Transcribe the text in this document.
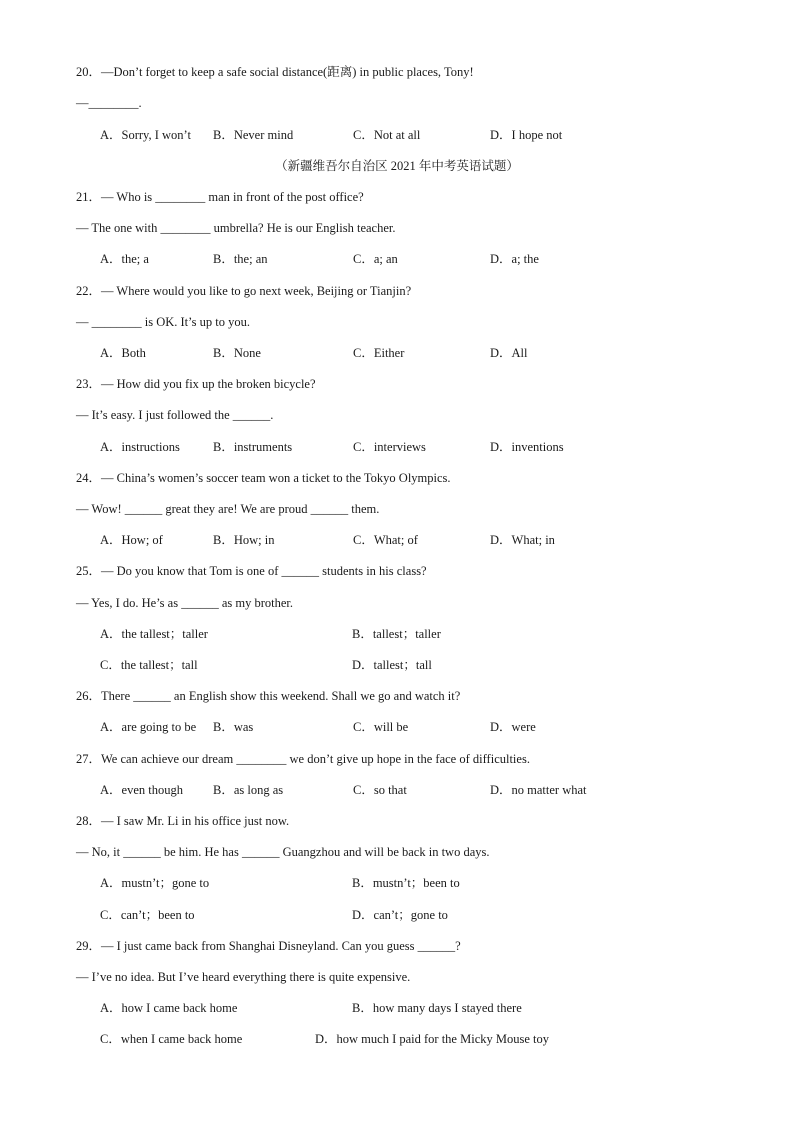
20．—Don’t forget to keep a safe social distance(距离) in public places, Tony!
—________.
A．Sorry, I won’t B．Never mind	C．Not at all	D．I hope not
（新疆维吾尔自治区 2021 年中考英语试题）
21．— Who is ________ man in front of the post office?
— The one with ________ umbrella? He is our English teacher.
A．the; a	B．the; an	C．a; an	D．a; the
22．— Where would you like to go next week, Beijing or Tianjin?
— ________ is OK. It’s up to you.
A．Both	B．None	C．Either	D．All
23．— How did you fix up the broken bicycle?
— It’s easy. I just followed the ______.
A．instructions	B．instruments	C．interviews	D．inventions
24．— China’s women’s soccer team won a ticket to the Tokyo Olympics.
— Wow! ______ great they are! We are proud ______ them.
A．How; of	B．How; in	C．What; of	D．What; in
25．— Do you know that Tom is one of ______ students in his class?
— Yes, I do. He’s as ______ as my brother.
A．the tallest；taller	B．tallest；taller
C．the tallest；tall	D．tallest；tall
26．There ______ an English show this weekend. Shall we go and watch it?
A．are going to be B．was	C．will be	D．were
27．We can achieve our dream ________ we don’t give up hope in the face of difficulties.
A．even though B．as long as	C．so that	D．no matter what
28．— I saw Mr. Li in his office just now.
— No, it ______ be him. He has ______ Guangzhou and will be back in two days.
A．mustn’t；gone to	B．mustn’t；been to
C．can’t；been to	D．can’t；gone to
29．— I just came back from Shanghai Disneyland. Can you guess ______?
— I’ve no idea. But I’ve heard everything there is quite expensive.
A．how I came back home	B．how many days I stayed there
C．when I came back home	D．how much I paid for the Micky Mouse toy
